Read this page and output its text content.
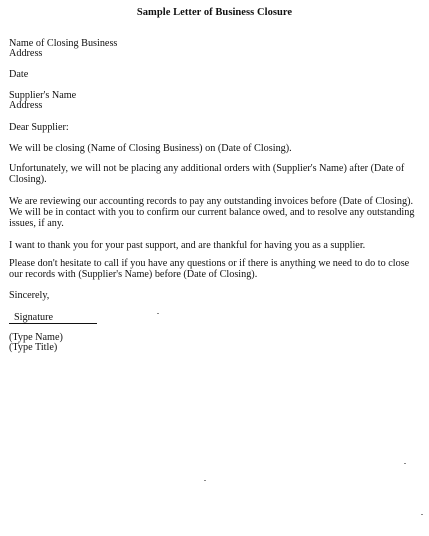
Sample Letter of Business Closure
Name of Closing Business
Address
Date
Supplier's Name
Address
Dear Supplier:
We will be closing (Name of Closing Business) on (Date of Closing).
Unfortunately, we will not be placing any additional orders with (Supplier's Name) after (Date of Closing).
We are reviewing our accounting records to pay any outstanding invoices before (Date of Closing). We will be in contact with you to confirm our current balance owed, and to resolve any outstanding issues, if any.
I want to thank you for your past support, and are thankful for having you as a supplier.
Please don't hesitate to call if you have any questions or if there is anything we need to do to close our records with (Supplier's Name) before (Date of Closing).
Sincerely,
Signature
(Type Name)
(Type Title)
